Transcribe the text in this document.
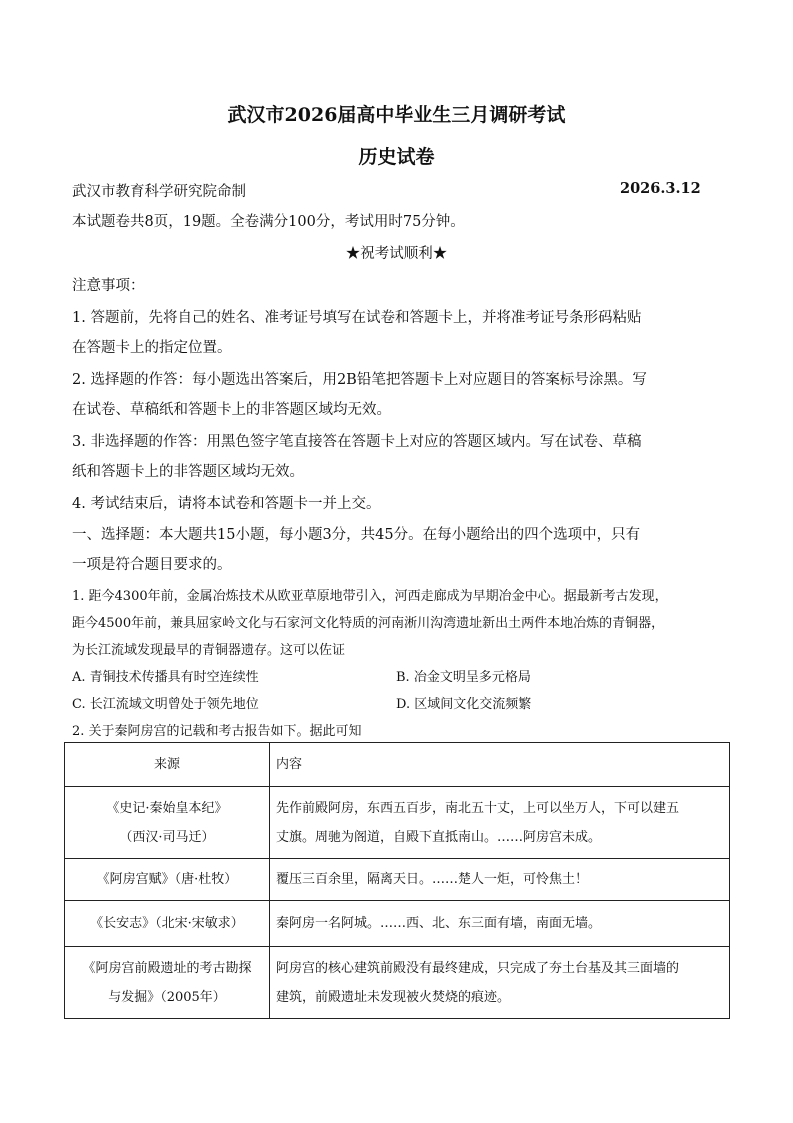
武汉市2026届高中毕业生三月调研考试
历史试卷
武汉市教育科学研究院命制	2026.3.12
本试题卷共8页，19题。全卷满分100分，考试用时75分钟。
★祝考试顺利★
注意事项：
1. 答题前，先将自己的姓名、准考证号填写在试卷和答题卡上，并将准考证号条形码粘贴
在答题卡上的指定位置。
2. 选择题的作答：每小题选出答案后，用2B铅笔把答题卡上对应题目的答案标号涂黑。写
在试卷、草稿纸和答题卡上的非答题区域均无效。
3. 非选择题的作答：用黑色签字笔直接答在答题卡上对应的答题区域内。写在试卷、草稿
纸和答题卡上的非答题区域均无效。
4. 考试结束后，请将本试卷和答题卡一并上交。
一、选择题：本大题共15小题，每小题3分，共45分。在每小题给出的四个选项中，只有
一项是符合题目要求的。
1. 距今4300年前，金属冶炼技术从欧亚草原地带引入，河西走廊成为早期冶金中心。据最新考古发现，
距今4500年前，兼具屈家岭文化与石家河文化特质的河南淅川沟湾遗址新出土两件本地冶炼的青铜器，
为长江流域发现最早的青铜器遗存。这可以佐证
A. 青铜技术传播具有时空连续性	B. 冶金文明呈多元格局
C. 长江流域文明曾处于领先地位	D. 区域间文化交流频繁
2. 关于秦阿房宫的记载和考古报告如下。据此可知
来源	内容

《史记·秦始皇本纪》
（西汉·司马迁）	先作前殿阿房，东西五百步，南北五十丈，上可以坐万人，下可以建五
丈旗。周驰为阁道，自殿下直抵南山。……阿房宫未成。

《阿房宫赋》（唐·杜牧）	覆压三百余里，隔离天日。……楚人一炬，可怜焦土！

《长安志》（北宋·宋敏求）	秦阿房一名阿城。……西、北、东三面有墙，南面无墙。

《阿房宫前殿遗址的考古勘探
与发掘》（2005年）	阿房宫的核心建筑前殿没有最终建成，只完成了夯土台基及其三面墙的
建筑，前殿遗址未发现被火焚烧的痕迹。
